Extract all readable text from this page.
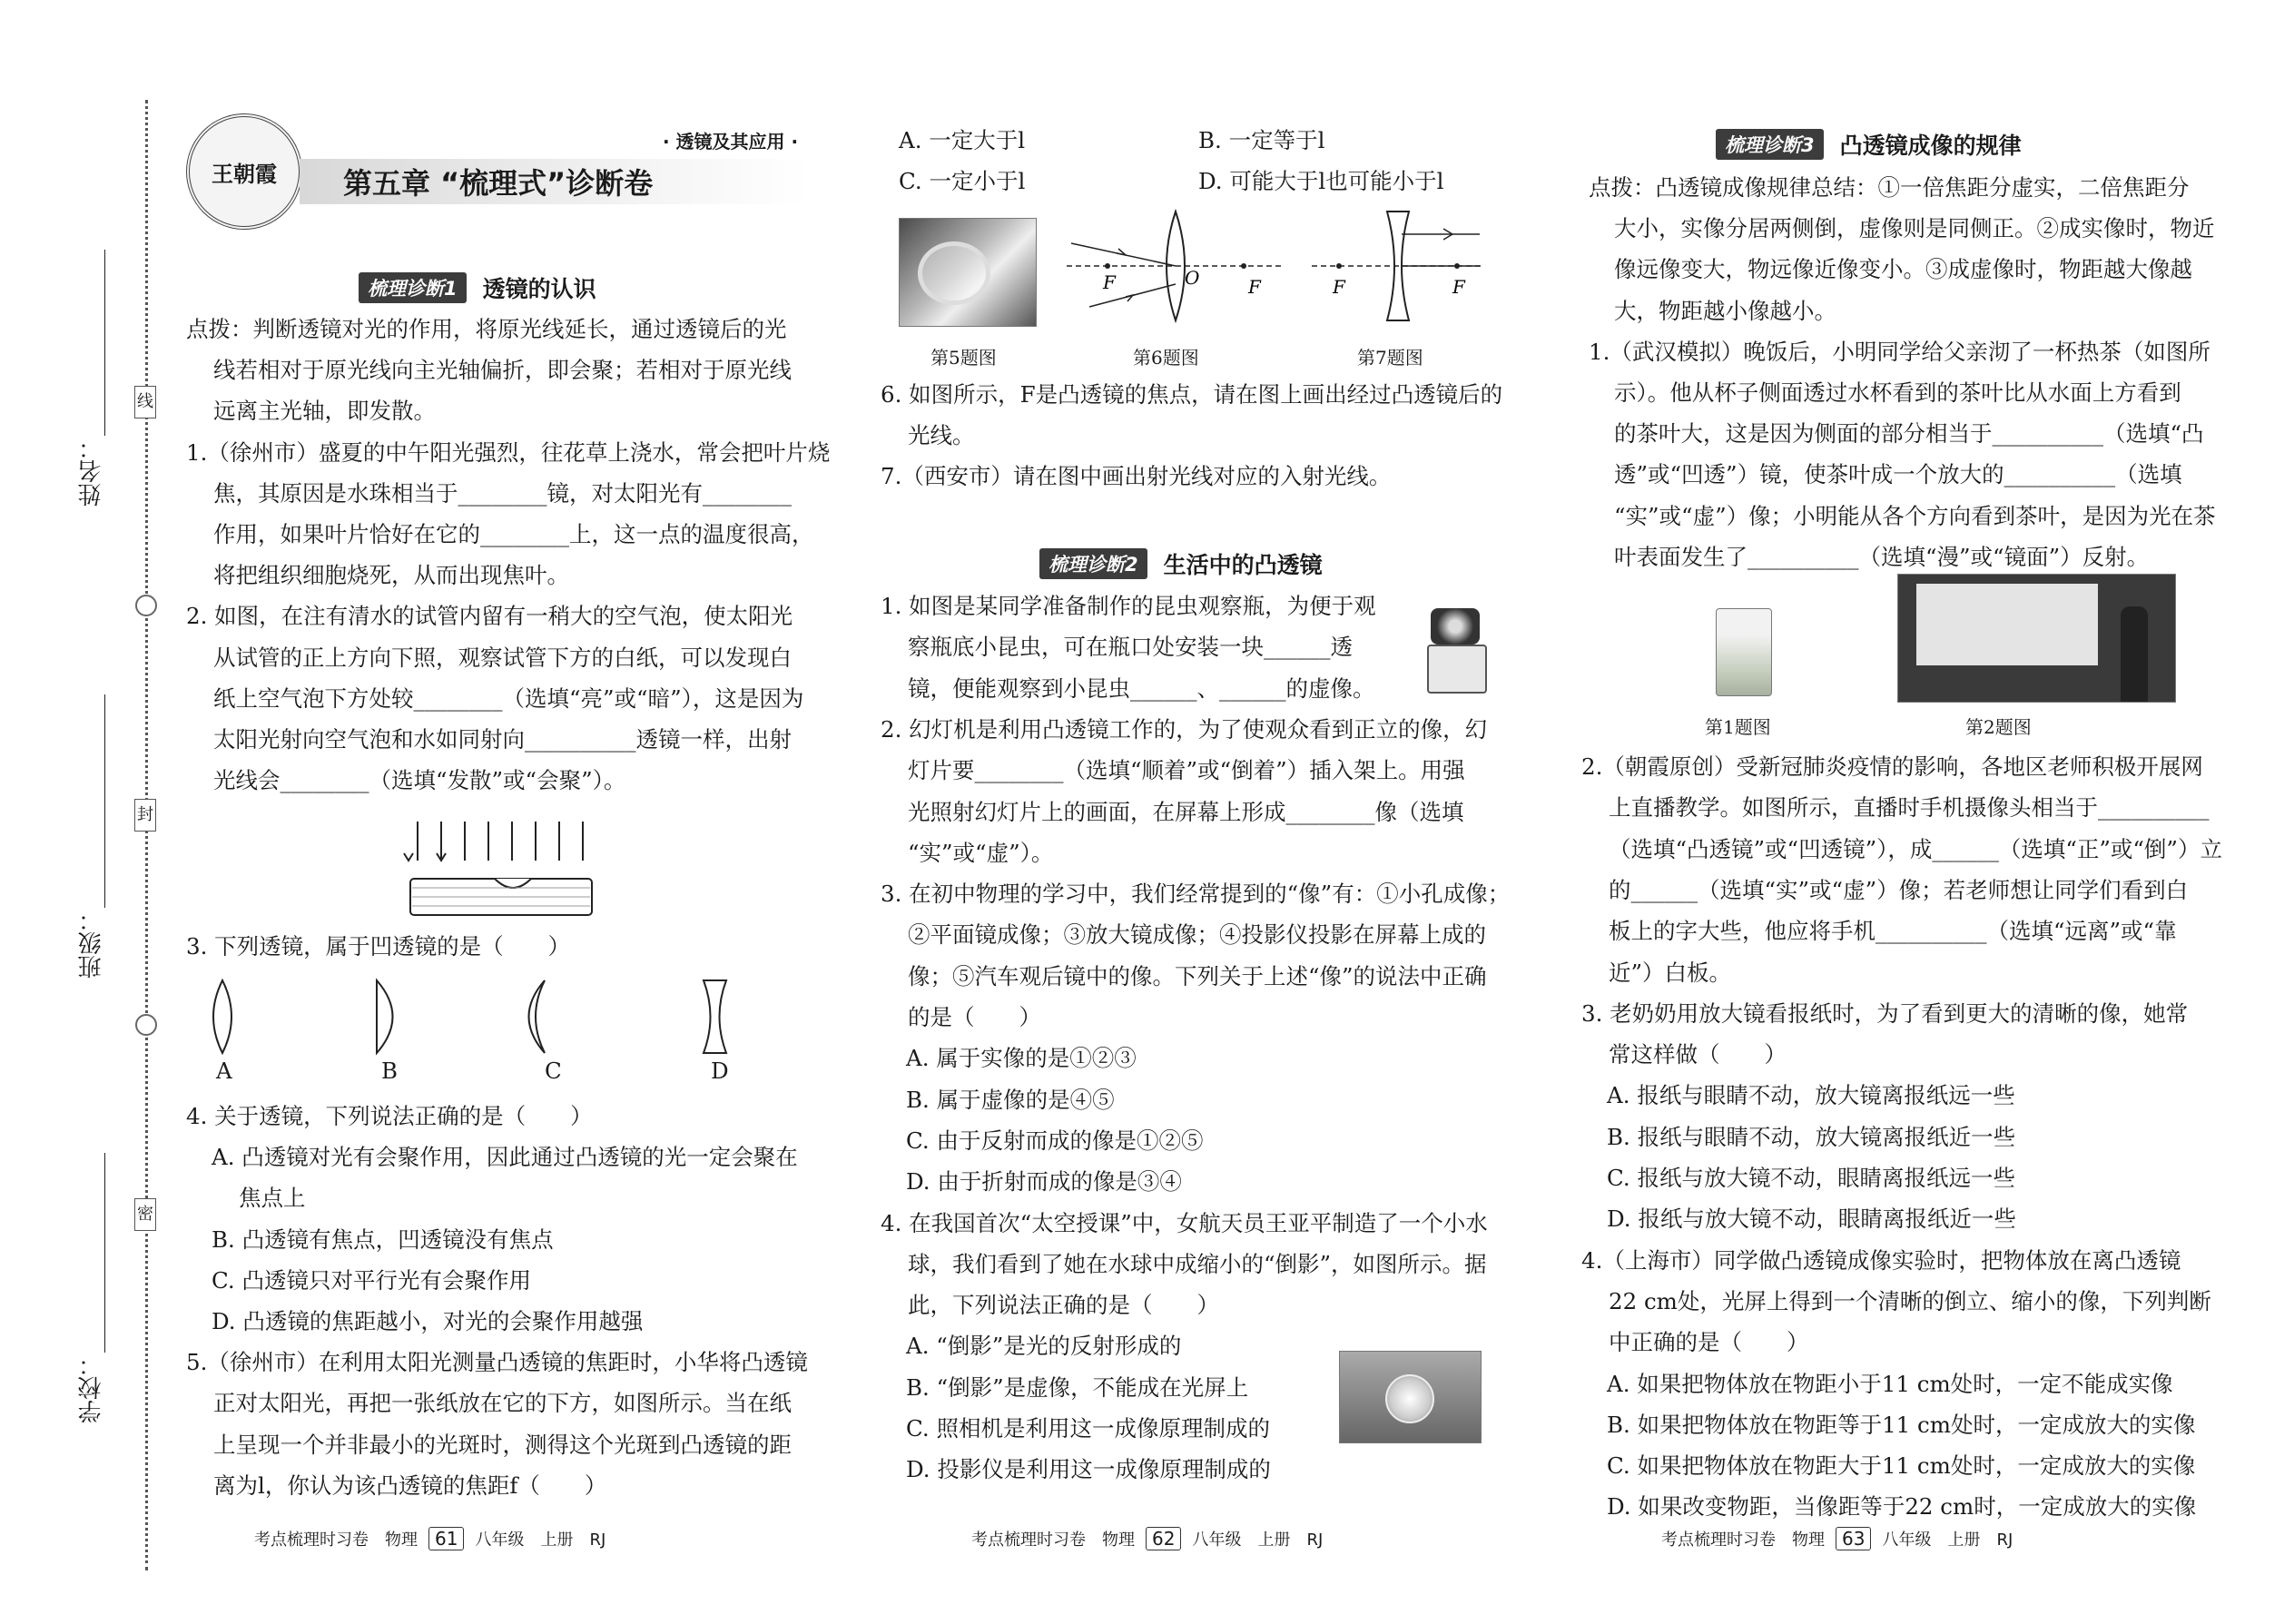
姓名：
班级：
学校：
线
封
密
王朝霞
· 透镜及其应用 ·
第五章 “梳理式”诊断卷
梳理诊断1	透镜的认识
点拨：判断透镜对光的作用，将原光线延长，通过透镜后的光
线若相对于原光线向主光轴偏折，即会聚；若相对于原光线
远离主光轴，即发散。
1.（徐州市）盛夏的中午阳光强烈，往花草上浇水，常会把叶片烧
焦，其原因是水珠相当于________镜，对太阳光有________
作用，如果叶片恰好在它的________上，这一点的温度很高，
将把组织细胞烧死，从而出现焦叶。
2. 如图，在注有清水的试管内留有一稍大的空气泡，使太阳光
从试管的正上方向下照，观察试管下方的白纸，可以发现白
纸上空气泡下方处较________（选填“亮”或“暗”），这是因为
太阳光射向空气泡和水如同射向__________透镜一样，出射
光线会________（选填“发散”或“会聚”）。
3. 下列透镜，属于凹透镜的是（　　）
A	B	C	D
4. 关于透镜，下列说法正确的是（　　）
A. 凸透镜对光有会聚作用，因此通过凸透镜的光一定会聚在
焦点上
B. 凸透镜有焦点，凹透镜没有焦点
C. 凸透镜只对平行光有会聚作用
D. 凸透镜的焦距越小，对光的会聚作用越强
5.（徐州市）在利用太阳光测量凸透镜的焦距时，小华将凸透镜
正对太阳光，再把一张纸放在它的下方，如图所示。当在纸
上呈现一个并非最小的光斑时，测得这个光斑到凸透镜的距
离为l，你认为该凸透镜的焦距f（　　）
考点梳理时习卷　物理 61 八年级　上册　RJ
A. 一定大于l	B. 一定等于l
C. 一定小于l	D. 可能大于l也可能小于l
F	O	F	F	F
第5题图	第6题图	第7题图
6. 如图所示，F是凸透镜的焦点，请在图上画出经过凸透镜后的
光线。
7.（西安市）请在图中画出射光线对应的入射光线。
梳理诊断2	生活中的凸透镜
1. 如图是某同学准备制作的昆虫观察瓶，为便于观
察瓶底小昆虫，可在瓶口处安装一块______透
镜，便能观察到小昆虫______、______的虚像。
2. 幻灯机是利用凸透镜工作的，为了使观众看到正立的像，幻
灯片要________（选填“顺着”或“倒着”）插入架上。用强
光照射幻灯片上的画面，在屏幕上形成________像（选填
“实”或“虚”）。
3. 在初中物理的学习中，我们经常提到的“像”有：①小孔成像；
②平面镜成像；③放大镜成像；④投影仪投影在屏幕上成的
像；⑤汽车观后镜中的像。下列关于上述“像”的说法中正确
的是（　　）
A. 属于实像的是①②③
B. 属于虚像的是④⑤
C. 由于反射而成的像是①②⑤
D. 由于折射而成的像是③④
4. 在我国首次“太空授课”中，女航天员王亚平制造了一个小水
球，我们看到了她在水球中成缩小的“倒影”，如图所示。据
此，下列说法正确的是（　　）
A. “倒影”是光的反射形成的
B. “倒影”是虚像，不能成在光屏上
C. 照相机是利用这一成像原理制成的
D. 投影仪是利用这一成像原理制成的
考点梳理时习卷　物理 62 八年级　上册　RJ
梳理诊断3	凸透镜成像的规律
点拨：凸透镜成像规律总结：①一倍焦距分虚实，二倍焦距分
大小，实像分居两侧倒，虚像则是同侧正。②成实像时，物近
像远像变大，物远像近像变小。③成虚像时，物距越大像越
大，物距越小像越小。
1.（武汉模拟）晚饭后，小明同学给父亲沏了一杯热茶（如图所
示）。他从杯子侧面透过水杯看到的茶叶比从水面上方看到
的茶叶大，这是因为侧面的部分相当于__________（选填“凸
透”或“凹透”）镜，使茶叶成一个放大的__________（选填
“实”或“虚”）像；小明能从各个方向看到茶叶，是因为光在茶
叶表面发生了__________（选填“漫”或“镜面”）反射。
第1题图	第2题图
2.（朝霞原创）受新冠肺炎疫情的影响，各地区老师积极开展网
上直播教学。如图所示，直播时手机摄像头相当于__________
（选填“凸透镜”或“凹透镜”），成______（选填“正”或“倒”）立
的______（选填“实”或“虚”）像；若老师想让同学们看到白
板上的字大些，他应将手机__________（选填“远离”或“靠
近”）白板。
3. 老奶奶用放大镜看报纸时，为了看到更大的清晰的像，她常
常这样做（　　）
A. 报纸与眼睛不动，放大镜离报纸远一些
B. 报纸与眼睛不动，放大镜离报纸近一些
C. 报纸与放大镜不动，眼睛离报纸远一些
D. 报纸与放大镜不动，眼睛离报纸近一些
4.（上海市）同学做凸透镜成像实验时，把物体放在离凸透镜
22 cm处，光屏上得到一个清晰的倒立、缩小的像，下列判断
中正确的是（　　）
A. 如果把物体放在物距小于11 cm处时，一定不能成实像
B. 如果把物体放在物距等于11 cm处时，一定成放大的实像
C. 如果把物体放在物距大于11 cm处时，一定成放大的实像
D. 如果改变物距，当像距等于22 cm时，一定成放大的实像
考点梳理时习卷　物理 63 八年级　上册　RJ
